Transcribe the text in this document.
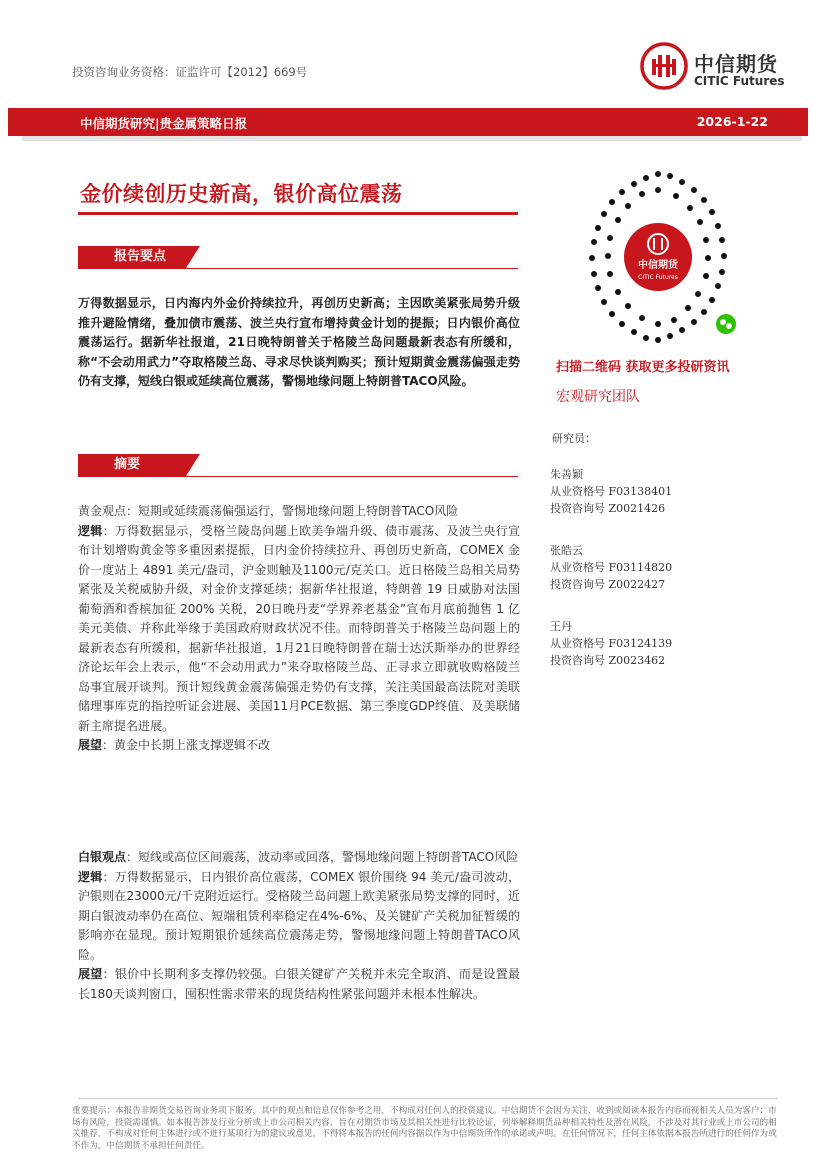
投资咨询业务资格：证监许可【2012】669号	中信期货
CITIC Futures
中信期货研究|贵金属策略日报	2026-1-22
金价续创历史新高，银价高位震荡
报告要点
万得数据显示，日内海内外金价持续拉升，再创历史新高；主因欧美紧张局势升级推升避险情绪，叠加债市震荡、波兰央行宣布增持黄金计划的提振；日内银价高位震荡运行。据新华社报道，21日晚特朗普关于格陵兰岛问题最新表态有所缓和，称“不会动用武力”夺取格陵兰岛、寻求尽快谈判购买；预计短期黄金震荡偏强走势仍有支撑，短线白银或延续高位震荡，警惕地缘问题上特朗普TACO风险。
摘要

黄金观点：短期或延续震荡偏强运行，警惕地缘问题上特朗普TACO风险

逻辑：万得数据显示，受格兰陵岛问题上欧美争端升级、债市震荡、及波兰央行宣布计划增购黄金等多重因素提振，日内金价持续拉升、再创历史新高，COMEX 金价一度站上 4891 美元/盎司，沪金则触及1100元/克关口。近日格陵兰岛相关局势紧张及关税威胁升级，对金价支撑延续；据新华社报道，特朗普 19 日威胁对法国葡萄酒和香槟加征 200% 关税，20日晚丹麦“学界养老基金”宣布月底前抛售 1 亿美元美债、并称此举缘于美国政府财政状况不佳。而特朗普关于格陵兰岛问题上的最新表态有所缓和，据新华社报道，1月21日晚特朗普在瑞士达沃斯举办的世界经济论坛年会上表示，他“不会动用武力”来夺取格陵兰岛、正寻求立即就收购格陵兰岛事宜展开谈判。预计短线黄金震荡偏强走势仍有支撑，关注美国最高法院对美联储理事库克的指控听证会进展、美国11月PCE数据、第三季度GDP终值、及美联储新主席提名进展。

展望：黄金中长期上涨支撑逻辑不改

白银观点：短线或高位区间震荡，波动率或回落，警惕地缘问题上特朗普TACO风险

逻辑：万得数据显示，日内银价高位震荡，COMEX 银价围绕 94 美元/盎司波动，沪银则在23000元/千克附近运行。受格陵兰岛问题上欧美紧张局势支撑的同时，近期白银波动率仍在高位、短端租赁利率稳定在4%-6%、及关键矿产关税加征暂缓的影响亦在显现。预计短期银价延续高位震荡走势，警惕地缘问题上特朗普TACO风险。

展望：银价中长期利多支撑仍较强。白银关键矿产关税并未完全取消、而是设置最长180天谈判窗口，囤积性需求带来的现货结构性紧张问题并未根本性解决。

中信期货
CITIC Futures
扫描二维码 获取更多投研资讯
宏观研究团队
研究员：
朱善颖
从业资格号 F03138401
投资咨询号 Z0021426
张皓云
从业资格号 F03114820
投资咨询号 Z0022427
王丹
从业资格号 F03124139
投资咨询号 Z0023462
重要提示：本报告非期货交易咨询业务项下服务，其中的观点和信息仅作参考之用，不构成对任何人的投资建议。中信期货不会因为关注、收到或阅读本报告内容而视相关人员为客户；市场有风险，投资需谨慎。如本报告涉及行业分析或上市公司相关内容，旨在对期货市场及其相关性进行比较论证，列举解释期货品种相关特性及潜在风险，不涉及对其行业或上市公司的相关推荐，不构成对任何主体进行或不进行某项行为的建议或意见，不得将本报告的任何内容据以作为中信期货所作的承诺或声明。在任何情况下，任何主体依据本报告所进行的任何作为或不作为，中信期货不承担任何责任。
